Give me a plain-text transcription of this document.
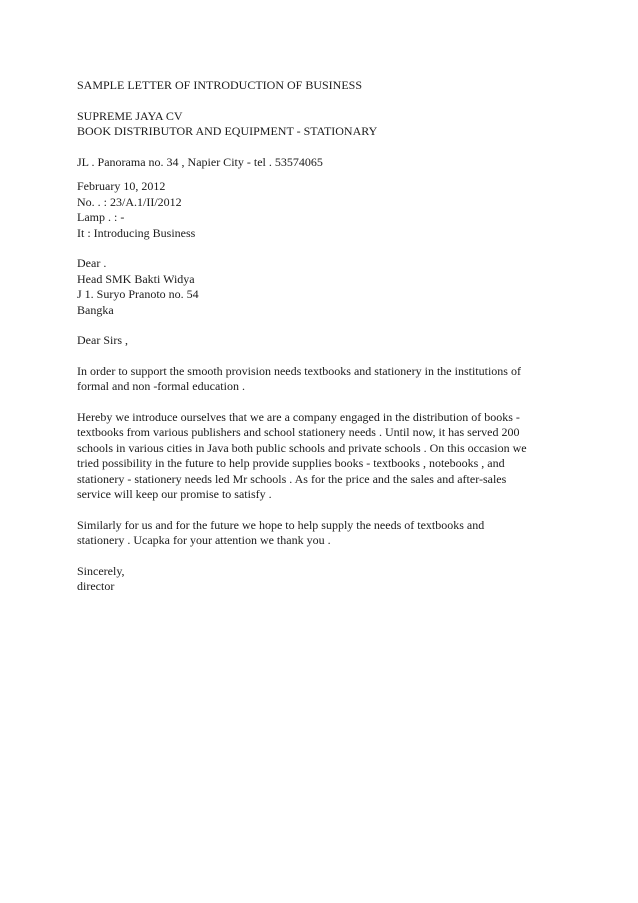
SAMPLE LETTER OF INTRODUCTION OF BUSINESS
SUPREME JAYA CV
BOOK DISTRIBUTOR AND EQUIPMENT - STATIONARY
JL . Panorama no. 34 , Napier City - tel . 53574065
______________________________________________________________
February 10, 2012
No. . : 23/A.1/II/2012
Lamp . : -
It : Introducing Business
Dear .
Head SMK Bakti Widya
J 1. Suryo Pranoto no. 54
Bangka
Dear Sirs ,
In order to support the smooth provision needs textbooks and stationery in the institutions of
formal and non -formal education .
Hereby we introduce ourselves that we are a company engaged in the distribution of books -
textbooks from various publishers and school stationery needs . Until now, it has served 200
schools in various cities in Java both public schools and private schools . On this occasion we
tried possibility in the future to help provide supplies books - textbooks , notebooks , and
stationery - stationery needs led Mr schools . As for the price and the sales and after-sales
service will keep our promise to satisfy .
Similarly for us and for the future we hope to help supply the needs of textbooks and
stationery . Ucapka for your attention we thank you .
Sincerely,
director
